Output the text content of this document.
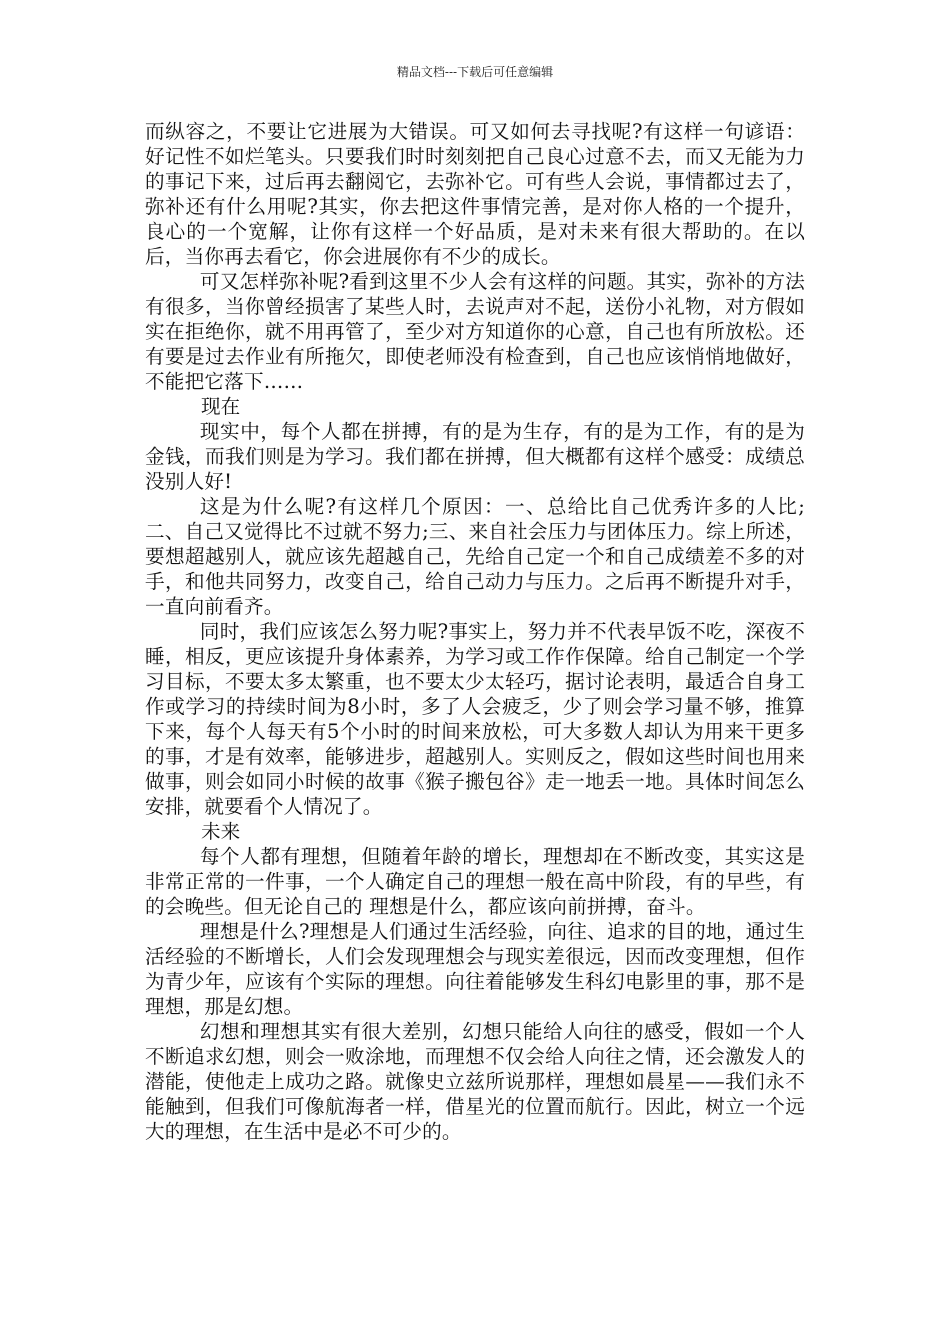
精品文档---下载后可任意编辑

而纵容之，不要让它进展为大错误。可又如何去寻找呢?有这样一句谚语：好记性不如烂笔头。只要我们时时刻刻把自己良心过意不去，而又无能为力的事记下来，过后再去翻阅它，去弥补它。可有些人会说，事情都过去了，弥补还有什么用呢?其实，你去把这件事情完善，是对你人格的一个提升，良心的一个宽解，让你有这样一个好品质，是对未来有很大帮助的。在以后，当你再去看它，你会进展你有不少的成长。

可又怎样弥补呢?看到这里不少人会有这样的问题。其实，弥补的方法有很多，当你曾经损害了某些人时，去说声对不起，送份小礼物，对方假如实在拒绝你，就不用再管了，至少对方知道你的心意，自己也有所放松。还有要是过去作业有所拖欠，即使老师没有检查到，自己也应该悄悄地做好，不能把它落下……

现在

现实中，每个人都在拼搏，有的是为生存，有的是为工作，有的是为金钱，而我们则是为学习。我们都在拼搏，但大概都有这样个感受：成绩总没别人好!

这是为什么呢?有这样几个原因：一、总给比自己优秀许多的人比;二、自己又觉得比不过就不努力;三、来自社会压力与团体压力。综上所述，要想超越别人，就应该先超越自己，先给自己定一个和自己成绩差不多的对手，和他共同努力，改变自己，给自己动力与压力。之后再不断提升对手，一直向前看齐。

同时，我们应该怎么努力呢?事实上，努力并不代表早饭不吃，深夜不睡，相反，更应该提升身体素养，为学习或工作作保障。给自己制定一个学习目标，不要太多太繁重，也不要太少太轻巧，据讨论表明，最适合自身工作或学习的持续时间为8小时，多了人会疲乏，少了则会学习量不够，推算下来，每个人每天有5个小时的时间来放松，可大多数人却认为用来干更多的事，才是有效率，能够进步，超越别人。实则反之，假如这些时间也用来做事，则会如同小时候的故事《猴子搬包谷》走一地丢一地。具体时间怎么安排，就要看个人情况了。

未来

每个人都有理想，但随着年龄的增长，理想却在不断改变，其实这是非常正常的一件事，一个人确定自己的理想一般在高中阶段，有的早些，有的会晚些。但无论自己的 理想是什么，都应该向前拼搏，奋斗。

理想是什么?理想是人们通过生活经验，向往、追求的目的地，通过生活经验的不断增长，人们会发现理想会与现实差很远，因而改变理想，但作为青少年，应该有个实际的理想。向往着能够发生科幻电影里的事，那不是理想，那是幻想。

幻想和理想其实有很大差别，幻想只能给人向往的感受，假如一个人不断追求幻想，则会一败涂地，而理想不仅会给人向往之情，还会激发人的潜能，使他走上成功之路。就像史立兹所说那样，理想如晨星——我们永不能触到，但我们可像航海者一样，借星光的位置而航行。因此，树立一个远大的理想，在生活中是必不可少的。
